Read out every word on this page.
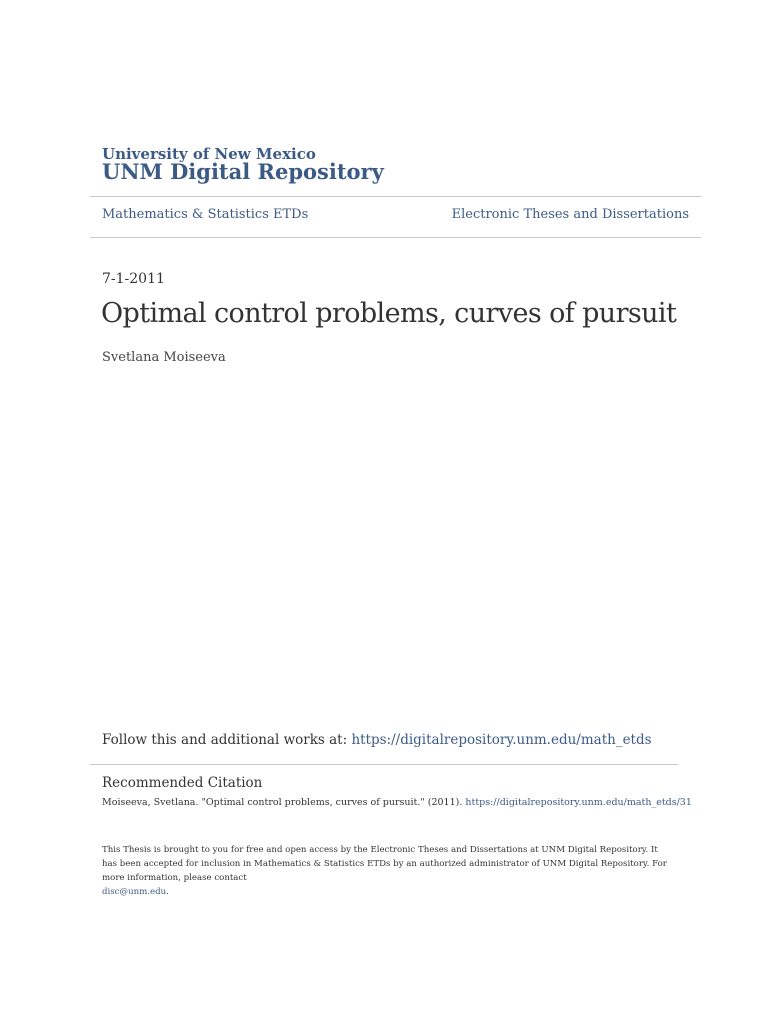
University of New Mexico
UNM Digital Repository
Mathematics & Statistics ETDs	Electronic Theses and Dissertations
7-1-2011
Optimal control problems, curves of pursuit
Svetlana Moiseeva
Follow this and additional works at: https://digitalrepository.unm.edu/math_etds
Recommended Citation
Moiseeva, Svetlana. "Optimal control problems, curves of pursuit." (2011). https://digitalrepository.unm.edu/math_etds/31
This Thesis is brought to you for free and open access by the Electronic Theses and Dissertations at UNM Digital Repository. It has been accepted for inclusion in Mathematics & Statistics ETDs by an authorized administrator of UNM Digital Repository. For more information, please contact
disc@unm.edu.
